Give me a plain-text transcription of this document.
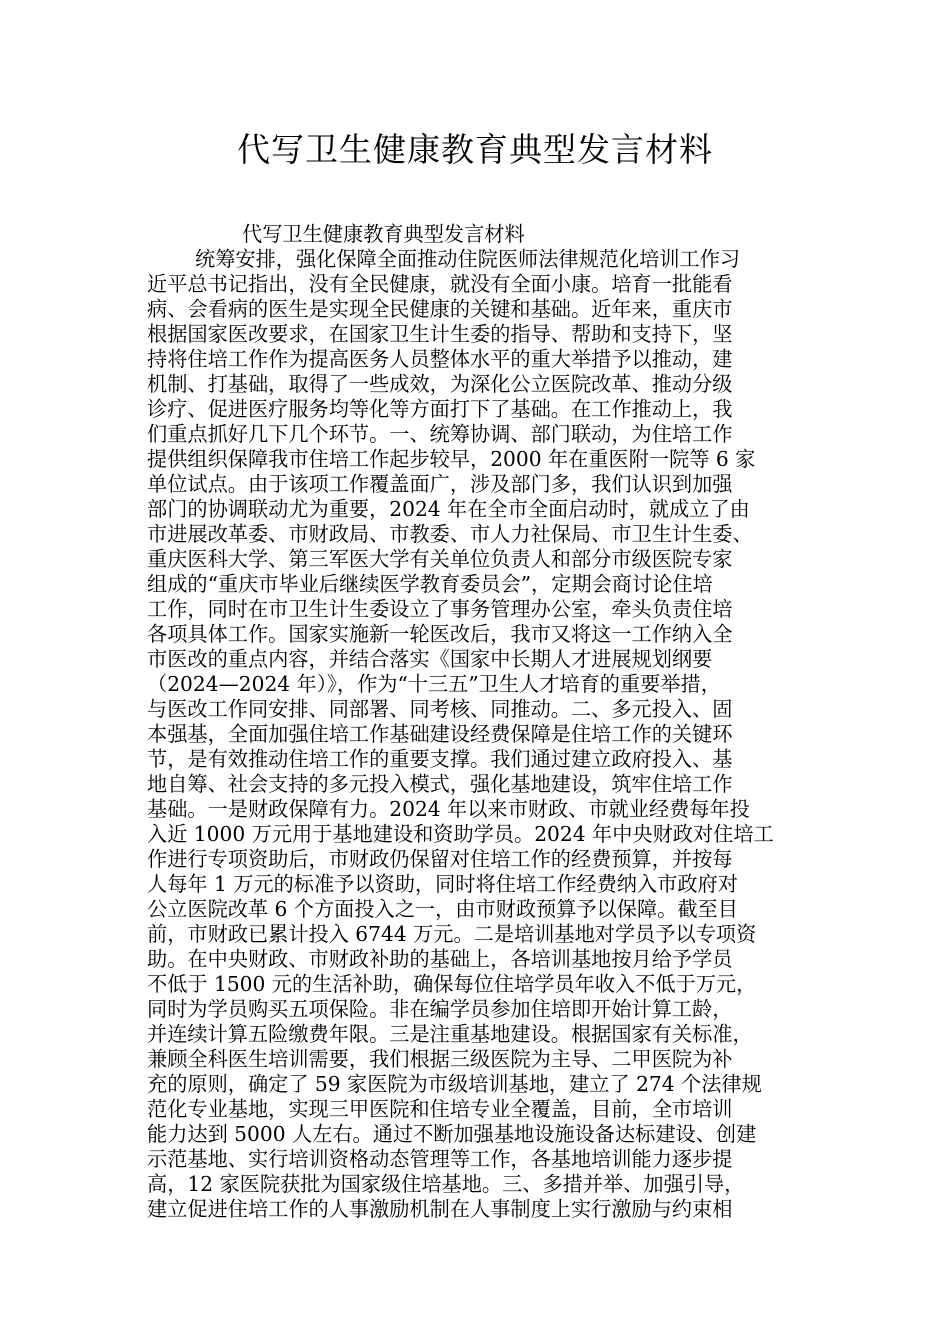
代写卫生健康教育典型发言材料
代写卫生健康教育典型发言材料
统筹安排，强化保障全面推动住院医师法律规范化培训工作习
近平总书记指出，没有全民健康，就没有全面小康。培育一批能看
病、会看病的医生是实现全民健康的关键和基础。近年来，重庆市
根据国家医改要求，在国家卫生计生委的指导、帮助和支持下，坚
持将住培工作作为提高医务人员整体水平的重大举措予以推动，建
机制、打基础，取得了一些成效，为深化公立医院改革、推动分级
诊疗、促进医疗服务均等化等方面打下了基础。在工作推动上，我
们重点抓好几下几个环节。一、统筹协调、部门联动，为住培工作
提供组织保障我市住培工作起步较早，2000 年在重医附一院等 6 家
单位试点。由于该项工作覆盖面广，涉及部门多，我们认识到加强
部门的协调联动尤为重要，2024 年在全市全面启动时，就成立了由
市进展改革委、市财政局、市教委、市人力社保局、市卫生计生委、
重庆医科大学、第三军医大学有关单位负责人和部分市级医院专家
组成的“重庆市毕业后继续医学教育委员会”，定期会商讨论住培
工作，同时在市卫生计生委设立了事务管理办公室，牵头负责住培
各项具体工作。国家实施新一轮医改后，我市又将这一工作纳入全
市医改的重点内容，并结合落实《国家中长期人才进展规划纲要
（2024—2024 年）》，作为“十三五”卫生人才培育的重要举措，
与医改工作同安排、同部署、同考核、同推动。二、多元投入、固
本强基，全面加强住培工作基础建设经费保障是住培工作的关键环
节，是有效推动住培工作的重要支撑。我们通过建立政府投入、基
地自筹、社会支持的多元投入模式，强化基地建设，筑牢住培工作
基础。一是财政保障有力。2024 年以来市财政、市就业经费每年投
入近 1000 万元用于基地建设和资助学员。2024 年中央财政对住培工
作进行专项资助后，市财政仍保留对住培工作的经费预算，并按每
人每年 1 万元的标准予以资助，同时将住培工作经费纳入市政府对
公立医院改革 6 个方面投入之一，由市财政预算予以保障。截至目
前，市财政已累计投入 6744 万元。二是培训基地对学员予以专项资
助。在中央财政、市财政补助的基础上，各培训基地按月给予学员
不低于 1500 元的生活补助，确保每位住培学员年收入不低于万元，
同时为学员购买五项保险。非在编学员参加住培即开始计算工龄，
并连续计算五险缴费年限。三是注重基地建设。根据国家有关标准，
兼顾全科医生培训需要，我们根据三级医院为主导、二甲医院为补
充的原则，确定了 59 家医院为市级培训基地，建立了 274 个法律规
范化专业基地，实现三甲医院和住培专业全覆盖，目前，全市培训
能力达到 5000 人左右。通过不断加强基地设施设备达标建设、创建
示范基地、实行培训资格动态管理等工作，各基地培训能力逐步提
高，12 家医院获批为国家级住培基地。三、多措并举、加强引导，
建立促进住培工作的人事激励机制在人事制度上实行激励与约束相
